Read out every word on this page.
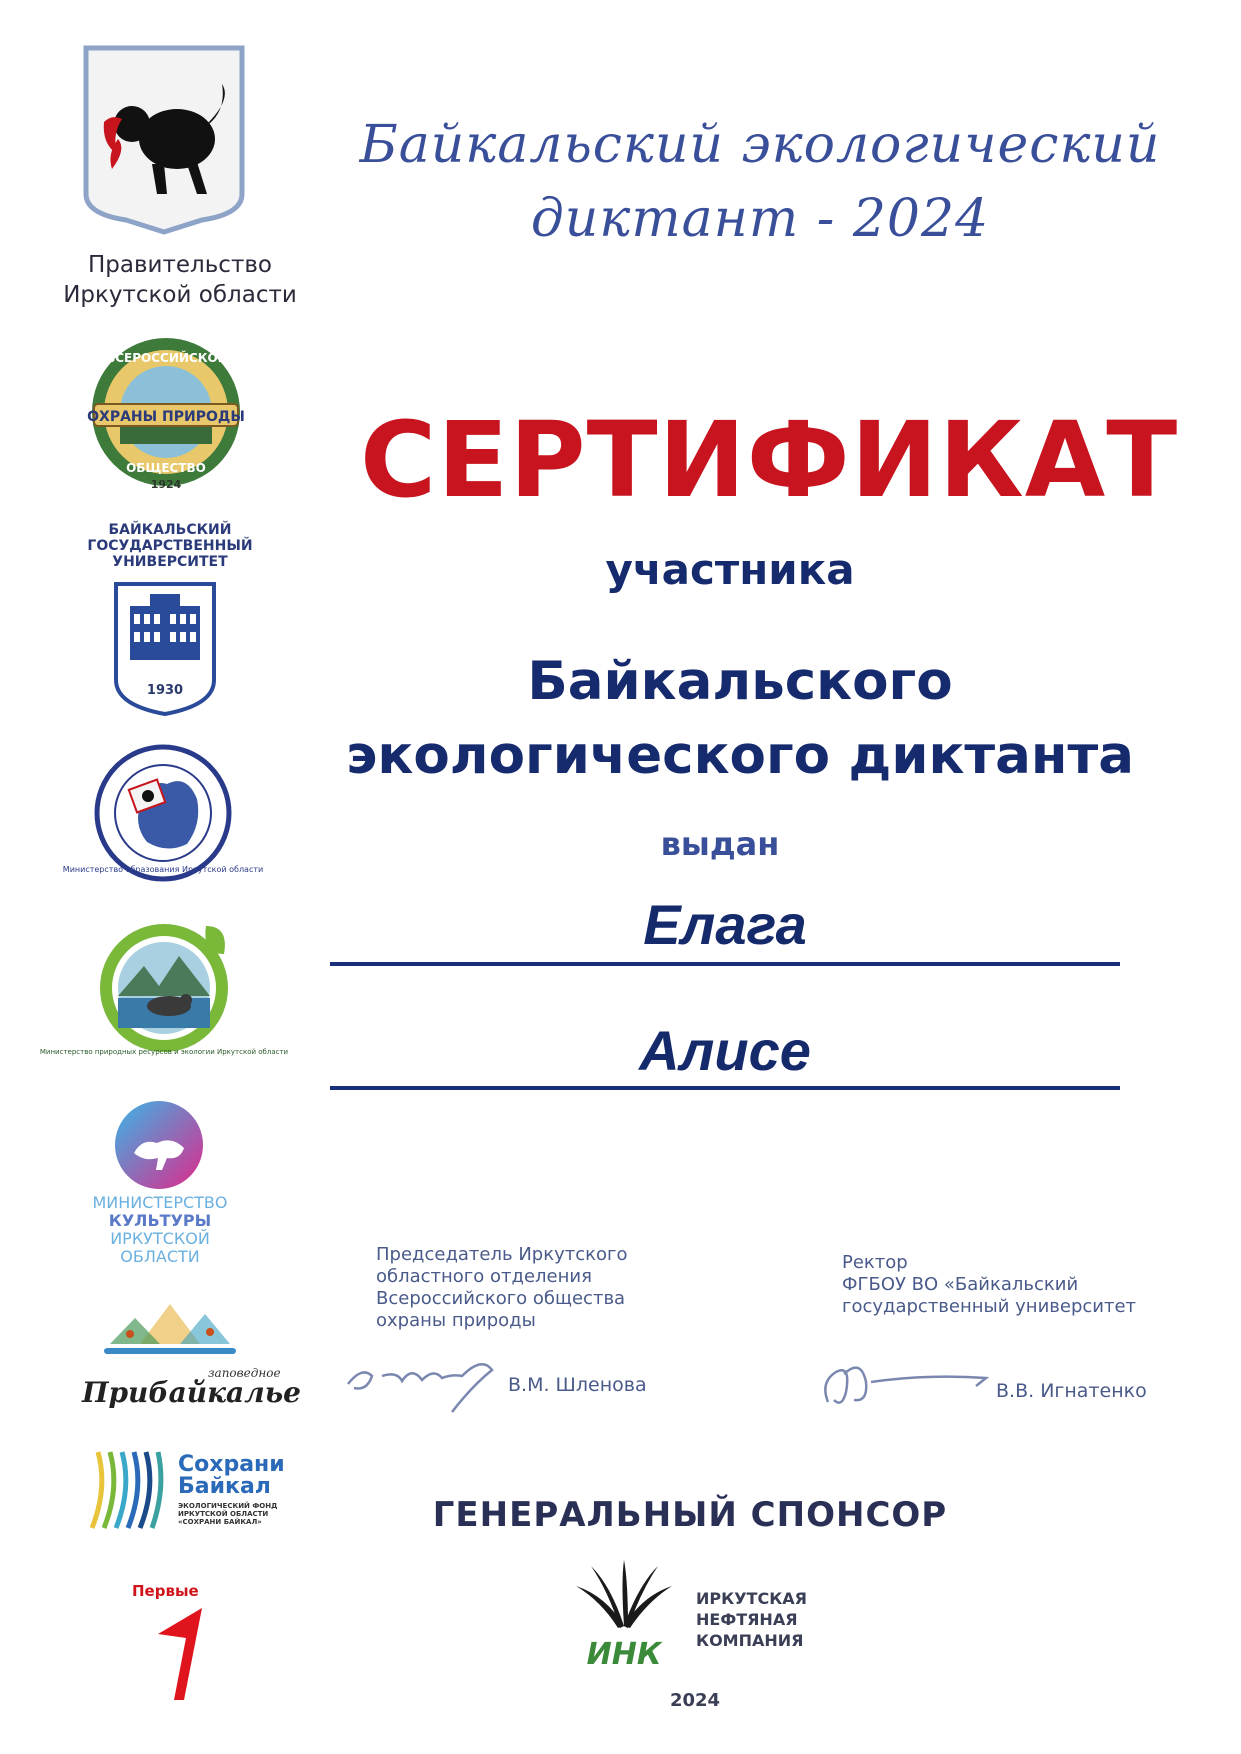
Правительство
Иркутской области
Байкальский экологический
диктант - 2024
ОХРАНЫ ПРИРОДЫ
ВСЕРОССИЙСКОЕ
ОБЩЕСТВО
1924
БАЙКАЛЬСКИЙ
ГОСУДАРСТВЕННЫЙ
УНИВЕРСИТЕТ
1930
Министерство образования Иркутской области
Министерство природных ресурсов и экологии Иркутской области
МИНИСТЕРСТВО
КУЛЬТУРЫ
ИРКУТСКОЙ ОБЛАСТИ
заповедное
Прибайкалье
Сохрани
Байкал
ЭКОЛОГИЧЕСКИЙ ФОНД
ИРКУТСКОЙ ОБЛАСТИ
«СОХРАНИ БАЙКАЛ»
Первые
СЕРТИФИКАТ
участника
Байкальского
экологического диктанта
выдан
Елага
Алисе
Председатель Иркутского
областного отделения
Всероссийского общества
охраны природы
В.М. Шленова
Ректор
ФГБОУ ВО «Байкальский
государственный университет
В.В. Игнатенко
ГЕНЕРАЛЬНЫЙ СПОНСОР
ИНК
ИРКУТСКАЯ
НЕФТЯНАЯ
КОМПАНИЯ
2024
